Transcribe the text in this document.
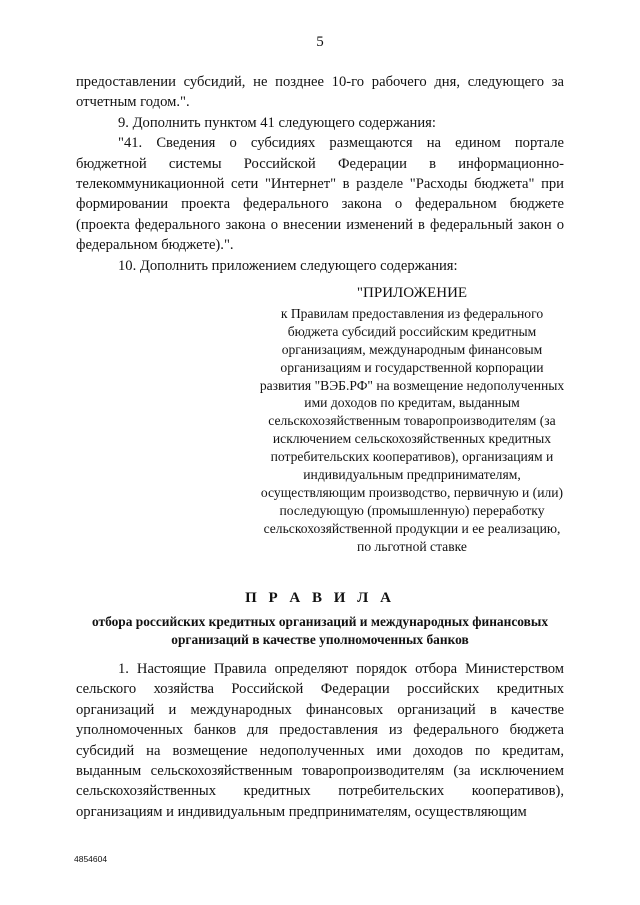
5

предоставлении субсидий, не позднее 10-го рабочего дня, следующего за отчетным годом.".

9. Дополнить пунктом 41 следующего содержания:

"41. Сведения о субсидиях размещаются на едином портале бюджетной системы Российской Федерации в информационно-телекоммуникационной сети "Интернет" в разделе "Расходы бюджета" при формировании проекта федерального закона о федеральном бюджете (проекта федерального закона о внесении изменений в федеральный закон о федеральном бюджете).".

10. Дополнить приложением следующего содержания:

"ПРИЛОЖЕНИЕ
к Правилам предоставления из федерального бюджета субсидий российским кредитным организациям, международным финансовым организациям и государственной корпорации развития "ВЭБ.РФ" на возмещение недополученных ими доходов по кредитам, выданным сельскохозяйственным товаропроизводителям (за исключением сельскохозяйственных кредитных потребительских кооперативов), организациям и индивидуальным предпринимателям, осуществляющим производство, первичную и (или) последующую (промышленную) переработку сельскохозяйственной продукции и ее реализацию, по льготной ставке
П Р А В И Л А
отбора российских кредитных организаций и международных финансовых организаций в качестве уполномоченных банков

1. Настоящие Правила определяют порядок отбора Министерством сельского хозяйства Российской Федерации российских кредитных организаций и международных финансовых организаций в качестве уполномоченных банков для предоставления из федерального бюджета субсидий на возмещение недополученных ими доходов по кредитам, выданным сельскохозяйственным товаропроизводителям (за исключением сельскохозяйственных кредитных потребительских кооперативов), организациям и индивидуальным предпринимателям, осуществляющим

4854604
